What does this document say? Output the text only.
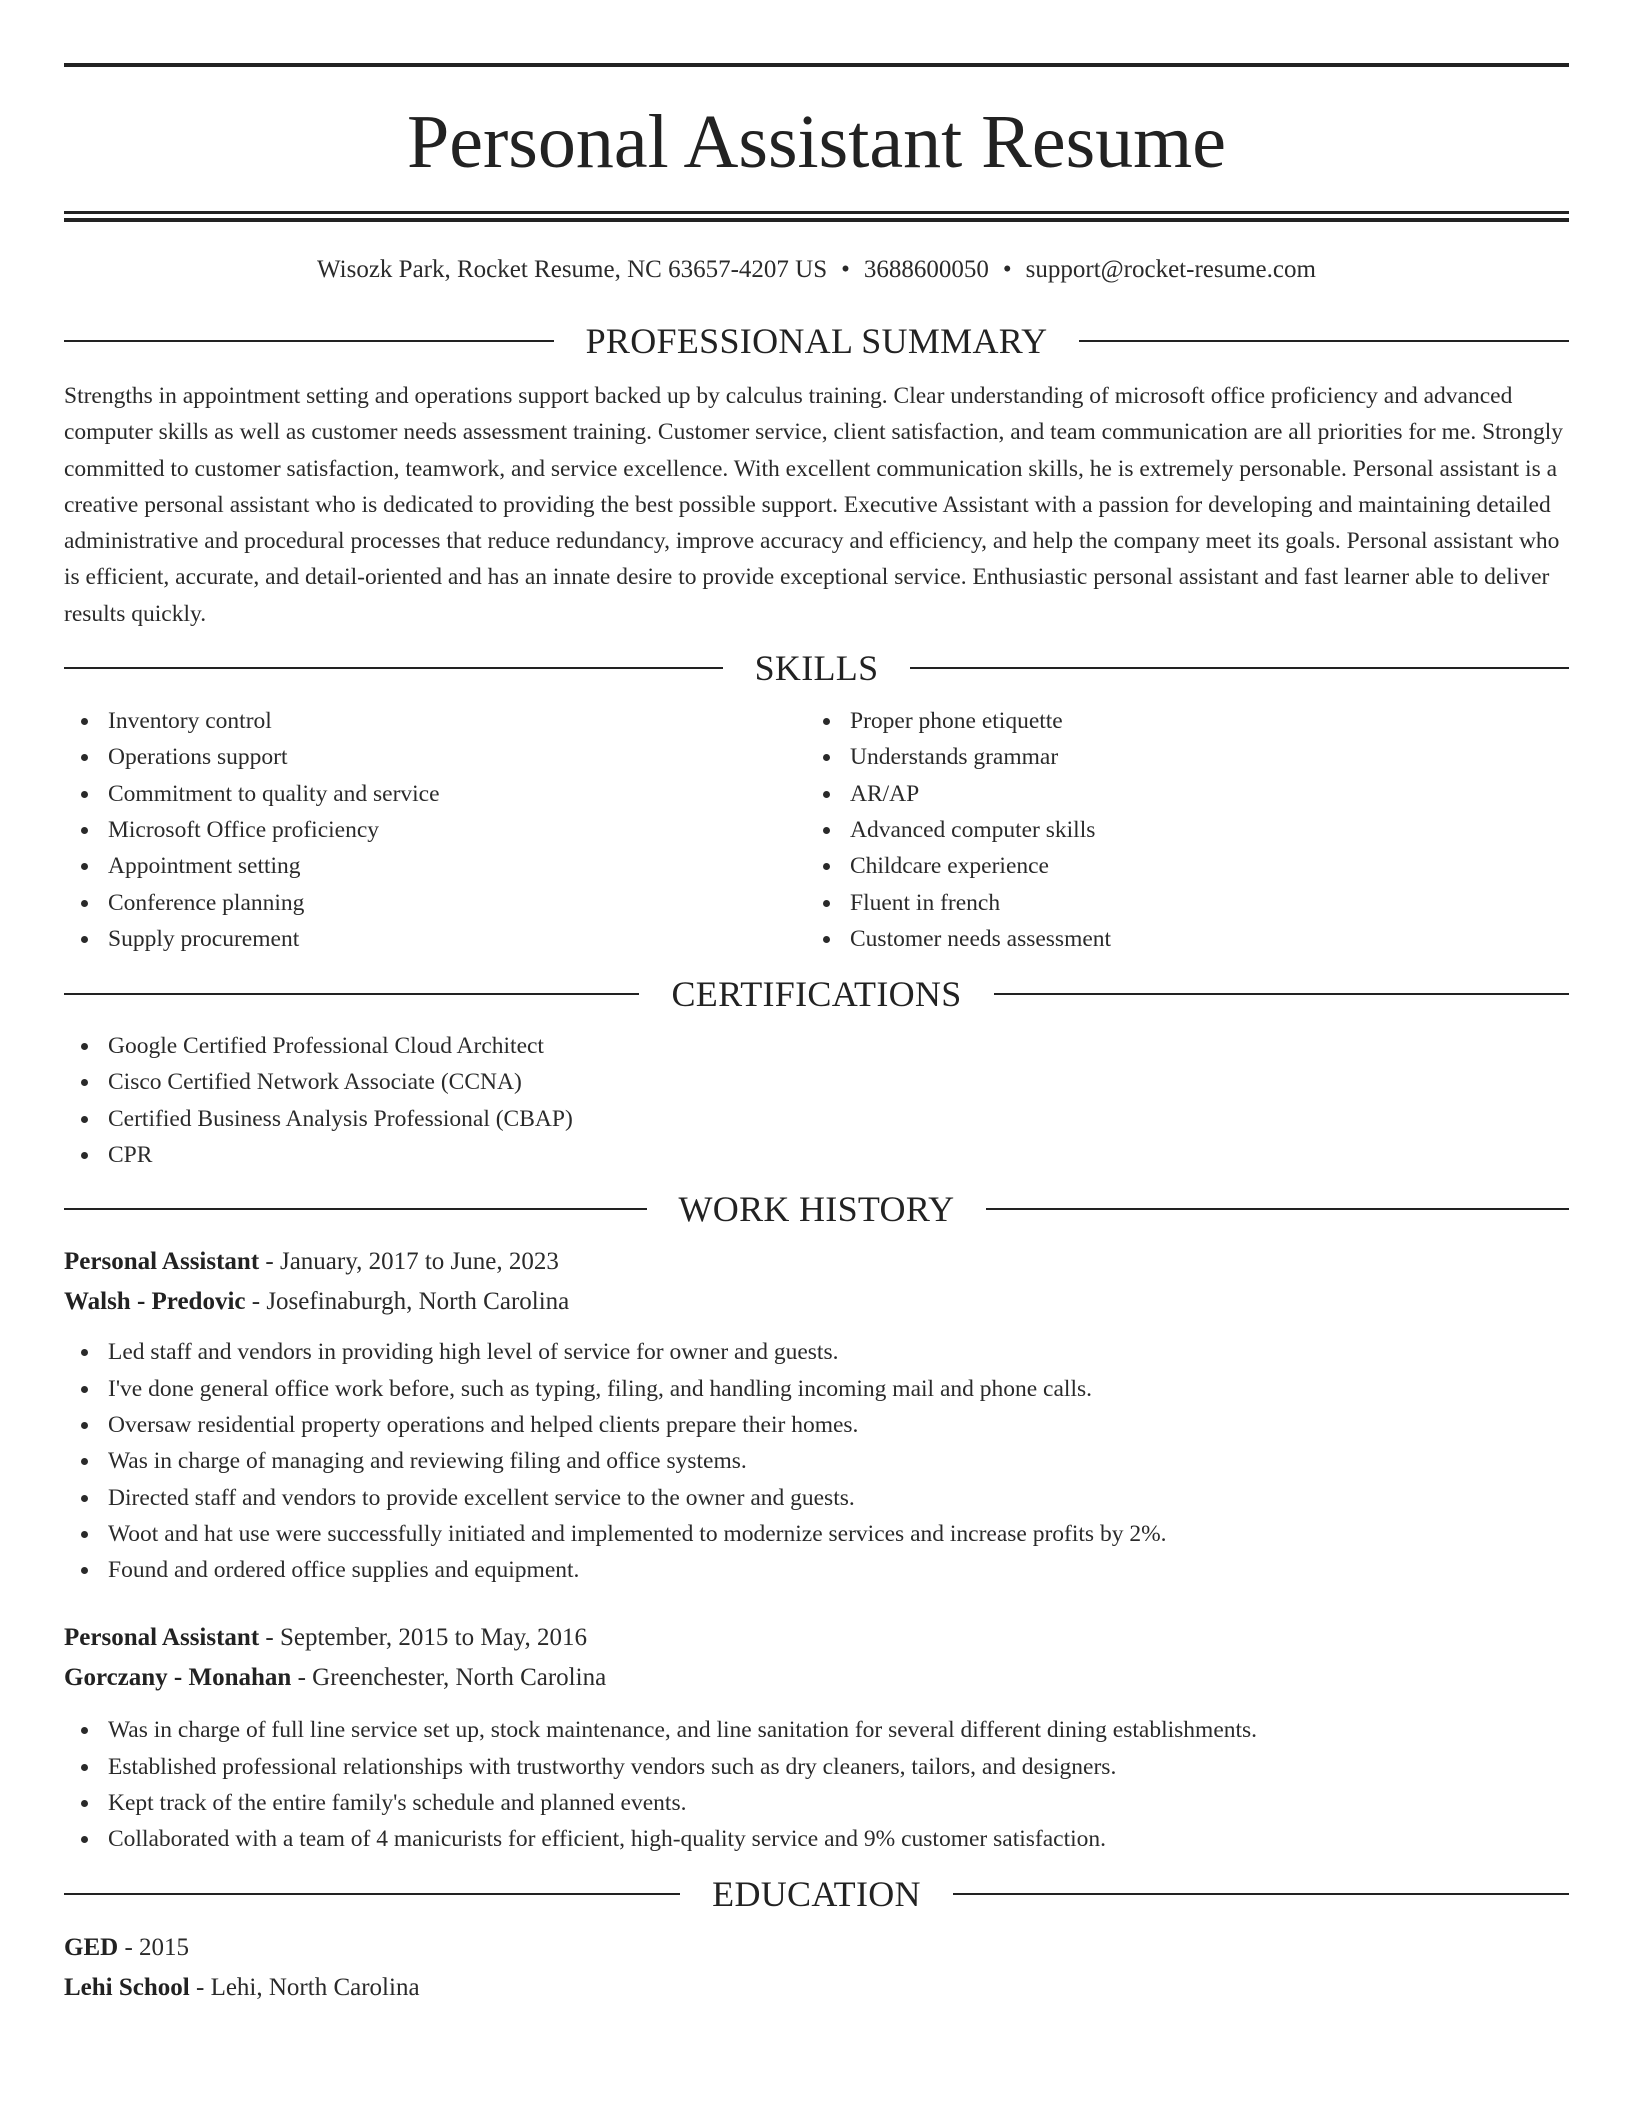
Personal Assistant Resume
Wisozk Park, Rocket Resume, NC 63657-4207 US • 3688600050 • support@rocket-resume.com
PROFESSIONAL SUMMARY

Strengths in appointment setting and operations support backed up by calculus training. Clear understanding of microsoft office proficiency and advanced computer skills as well as customer needs assessment training. Customer service, client satisfaction, and team communication are all priorities for me. Strongly committed to customer satisfaction, teamwork, and service excellence. With excellent communication skills, he is extremely personable. Personal assistant is a creative personal assistant who is dedicated to providing the best possible support. Executive Assistant with a passion for developing and maintaining detailed administrative and procedural processes that reduce redundancy, improve accuracy and efficiency, and help the company meet its goals. Personal assistant who is efficient, accurate, and detail-oriented and has an innate desire to provide exceptional service. Enthusiastic personal assistant and fast learner able to deliver results quickly.

SKILLS
Inventory control
Operations support
Commitment to quality and service
Microsoft Office proficiency
Appointment setting
Conference planning
Supply procurement
Proper phone etiquette
Understands grammar
AR/AP
Advanced computer skills
Childcare experience
Fluent in french
Customer needs assessment
CERTIFICATIONS
Google Certified Professional Cloud Architect
Cisco Certified Network Associate (CCNA)
Certified Business Analysis Professional (CBAP)
CPR
WORK HISTORY
Personal Assistant - January, 2017 to June, 2023
Walsh - Predovic - Josefinaburgh, North Carolina
Led staff and vendors in providing high level of service for owner and guests.
I've done general office work before, such as typing, filing, and handling incoming mail and phone calls.
Oversaw residential property operations and helped clients prepare their homes.
Was in charge of managing and reviewing filing and office systems.
Directed staff and vendors to provide excellent service to the owner and guests.
Woot and hat use were successfully initiated and implemented to modernize services and increase profits by 2%.
Found and ordered office supplies and equipment.
Personal Assistant - September, 2015 to May, 2016
Gorczany - Monahan - Greenchester, North Carolina
Was in charge of full line service set up, stock maintenance, and line sanitation for several different dining establishments.
Established professional relationships with trustworthy vendors such as dry cleaners, tailors, and designers.
Kept track of the entire family's schedule and planned events.
Collaborated with a team of 4 manicurists for efficient, high-quality service and 9% customer satisfaction.
EDUCATION
GED - 2015
Lehi School - Lehi, North Carolina
